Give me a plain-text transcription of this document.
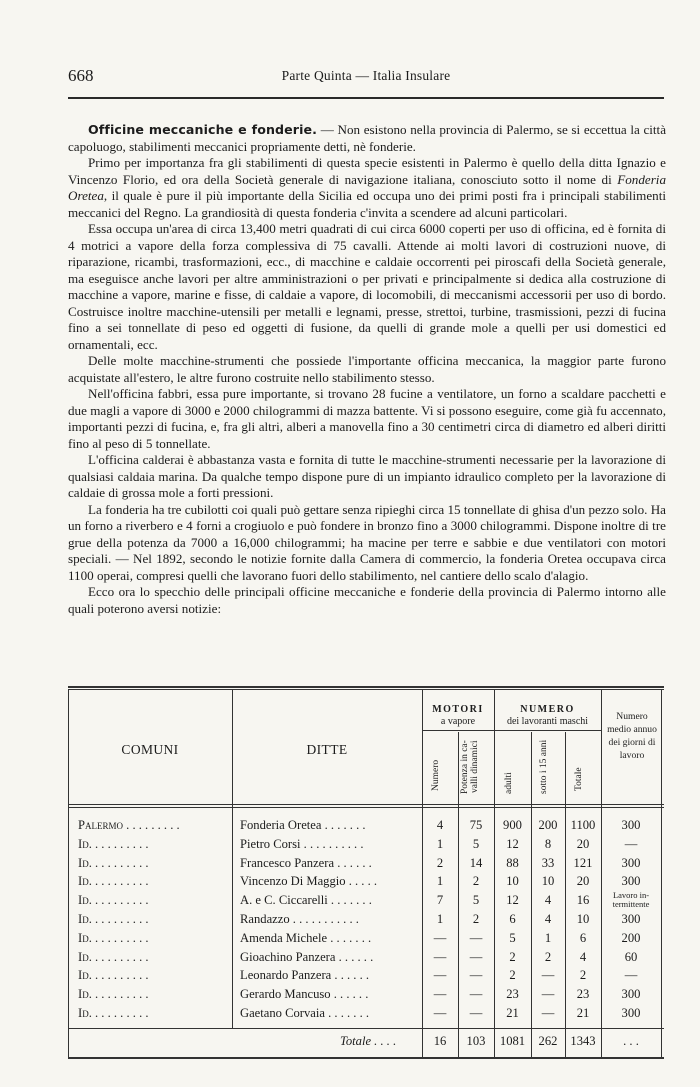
668	Parte Quinta — Italia Insulare

Officine meccaniche e fonderie. — Non esistono nella provincia di Palermo, se si eccettua la città capoluogo, stabilimenti meccanici propriamente detti, nè fonderie.

Primo per importanza fra gli stabilimenti di questa specie esistenti in Palermo è quello della ditta Ignazio e Vincenzo Florio, ed ora della Società generale di navigazione italiana, conosciuto sotto il nome di Fonderia Oretea, il quale è pure il più importante della Sicilia ed occupa uno dei primi posti fra i principali stabilimenti meccanici del Regno. La grandiosità di questa fonderia c'invita a scendere ad alcuni particolari.

Essa occupa un'area di circa 13,400 metri quadrati di cui circa 6000 coperti per uso di officina, ed è fornita di 4 motrici a vapore della forza complessiva di 75 cavalli. Attende ai molti lavori di costruzioni nuove, di riparazione, ricambi, trasformazioni, ecc., di macchine e caldaie occorrenti pei piroscafi della Società generale, ma eseguisce anche lavori per altre amministrazioni o per privati e principalmente si dedica alla costruzione di macchine a vapore, marine e fisse, di caldaie a vapore, di locomobili, di meccanismi accessorii per uso di bordo. Costruisce inoltre macchine-utensili per metalli e legnami, presse, strettoi, turbine, trasmissioni, pezzi di fucina fino a sei tonnellate di peso ed oggetti di fusione, da quelli di grande mole a quelli per usi domestici ed ornamentali, ecc.

Delle molte macchine-strumenti che possiede l'importante officina meccanica, la maggior parte furono acquistate all'estero, le altre furono costruite nello stabilimento stesso.

Nell'officina fabbri, essa pure importante, si trovano 28 fucine a ventilatore, un forno a scaldare pacchetti e due magli a vapore di 3000 e 2000 chilogrammi di mazza battente. Vi si possono eseguire, come già fu accennato, importanti pezzi di fucina, e, fra gli altri, alberi a manovella fino a 30 centimetri circa di diametro ed alberi diritti fino al peso di 5 tonnellate.

L'officina calderai è abbastanza vasta e fornita di tutte le macchine-strumenti necessarie per la lavorazione di qualsiasi caldaia marina. Da qualche tempo dispone pure di un impianto idraulico completo per la lavorazione di caldaie di grossa mole a forti pressioni.

La fonderia ha tre cubilotti coi quali può gettare senza ripieghi circa 15 tonnellate di ghisa d'un pezzo solo. Ha un forno a riverbero e 4 forni a crogiuolo e può fondere in bronzo fino a 3000 chilogrammi. Dispone inoltre di tre grue della potenza da 7000 a 16,000 chilogrammi; ha macine per terre e sabbie e due ventilatori con motori speciali. — Nel 1892, secondo le notizie fornite dalla Camera di commercio, la fonderia Oretea occupava circa 1100 operai, compresi quelli che lavorano fuori dello stabilimento, nel cantiere dello scalo d'alagio.

Ecco ora lo specchio delle principali officine meccaniche e fonderie della provincia di Palermo intorno alle quali poterono aversi notizie:

COMUNI	DITTE
MOTORI
a vapore
NUMERO
dei lavoranti maschi	Numero medio annuo dei giorni di lavoro
Numero	Potenza in ca- valli dinamici	adulti	sotto i 15 anni	Totale
Palermo . . . . . . . . .	Fonderia Oretea . . . . . . .	4	75	900	200	1100	300
Id. . . . . . . . . .	Pietro Corsi . . . . . . . . . .	1	5	12	8	20	—
Id. . . . . . . . . .	Francesco Panzera . . . . . .	2	14	88	33	121	300
Id. . . . . . . . . .	Vincenzo Di Maggio . . . . .	1	2	10	10	20	300
Id. . . . . . . . . .	A. e C. Ciccarelli . . . . . . .	7	5	12	4	16	Lavoro in- termittente
Id. . . . . . . . . .	Randazzo . . . . . . . . . . .	1	2	6	4	10	300
Id. . . . . . . . . .	Amenda Michele . . . . . . .	—	—	5	1	6	200
Id. . . . . . . . . .	Gioachino Panzera . . . . . .	—	—	2	2	4	60
Id. . . . . . . . . .	Leonardo Panzera . . . . . .	—	—	2	—	2	—
Id. . . . . . . . . .	Gerardo Mancuso . . . . . .	—	—	23	—	23	300
Id. . . . . . . . . .	Gaetano Corvaia . . . . . . .	—	—	21	—	21	300
Totale . . . .	16	103	1081	262	1343	. . .
